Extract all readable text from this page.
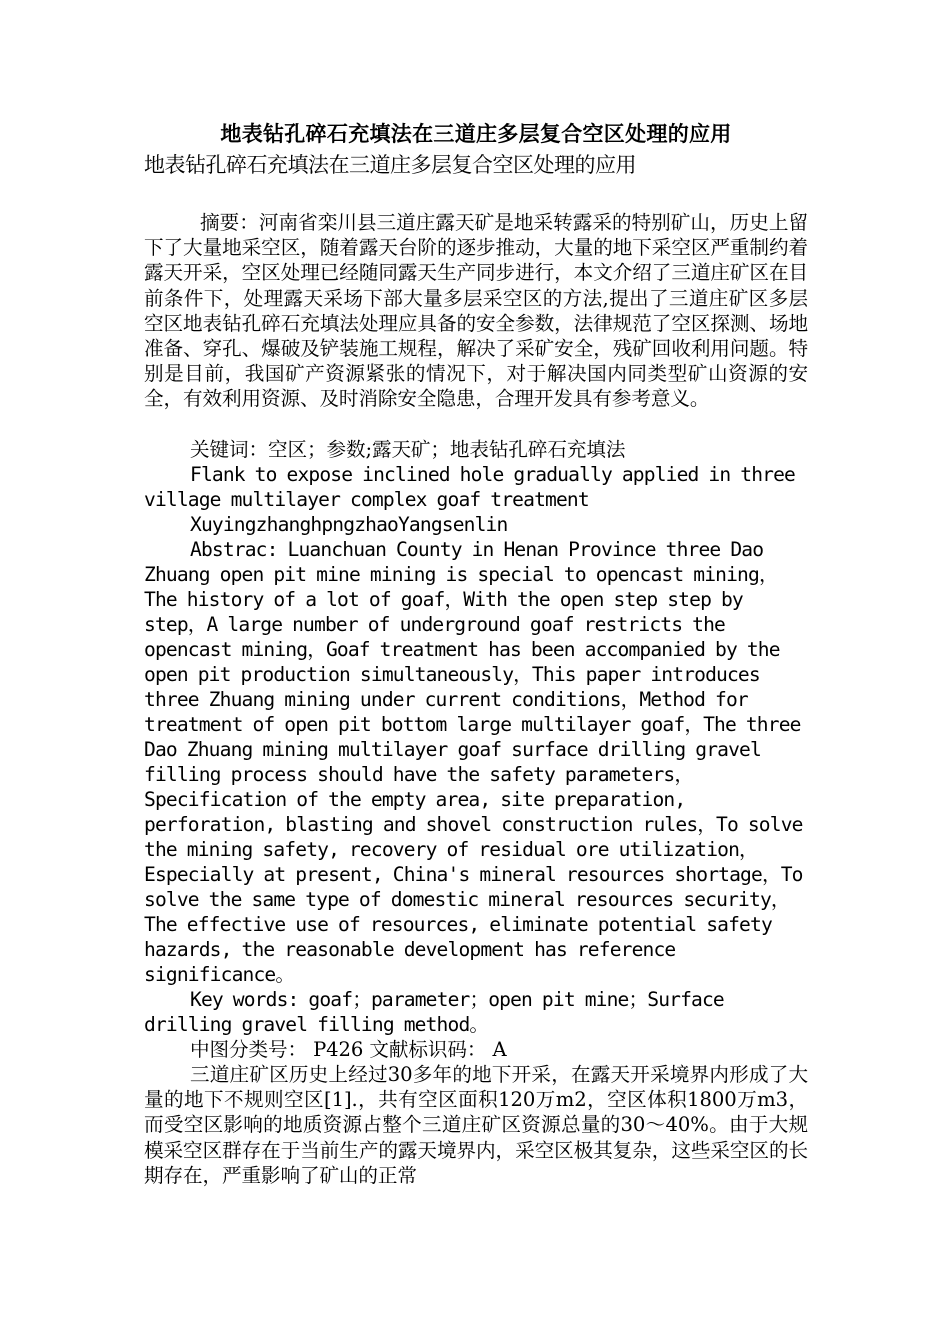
地表钻孔碎石充填法在三道庄多层复合空区处理的应用

地表钻孔碎石充填法在三道庄多层复合空区处理的应用

摘要：河南省栾川县三道庄露天矿是地采转露采的特别矿山，历史上留下了大量地采空区，随着露天台阶的逐步推动，大量的地下采空区严重制约着露天开采，空区处理已经随同露天生产同步进行，本文介绍了三道庄矿区在目前条件下，处理露天采场下部大量多层采空区的方法,提出了三道庄矿区多层空区地表钻孔碎石充填法处理应具备的安全参数，法律规范了空区探测、场地准备、穿孔、爆破及铲装施工规程，解决了采矿安全，残矿回收利用问题。特别是目前，我国矿产资源紧张的情况下，对于解决国内同类型矿山资源的安全，有效利用资源、及时消除安全隐患，合理开发具有参考意义。

关键词：空区；参数;露天矿；地表钻孔碎石充填法

Flank to expose inclined hole gradually applied in three village multilayer complex goaf treatment

XuyingzhanghpngzhaoYangsenlin

Abstrac: Luanchuan County in Henan Province three Dao Zhuang open pit mine mining is special to opencast mining，The history of a lot of goaf，With the open step step by step，A large number of underground goaf restricts the opencast mining，Goaf treatment has been accompanied by the open pit production simultaneously，This paper introduces three Zhuang mining under current conditions，Method for treatment of open pit bottom large multilayer goaf，The three Dao Zhuang mining multilayer goaf surface drilling gravel filling process should have the safety parameters，Specification of the empty area, site preparation, perforation, blasting and shovel construction rules，To solve the mining safety, recovery of residual ore utilization，Especially at present, China's mineral resources shortage，To solve the same type of domestic mineral resources security，The effective use of resources, eliminate potential safety hazards, the reasonable development has reference significance。

Key words: goaf；parameter；open pit mine；Surface drilling gravel filling method。

中图分类号： P426 文献标识码： A

三道庄矿区历史上经过30多年的地下开采，在露天开采境界内形成了大量的地下不规则空区[1].，共有空区面积120万m2，空区体积1800万m3，而受空区影响的地质资源占整个三道庄矿区资源总量的30～40%。由于大规模采空区群存在于当前生产的露天境界内，采空区极其复杂，这些采空区的长期存在，严重影响了矿山的正常
